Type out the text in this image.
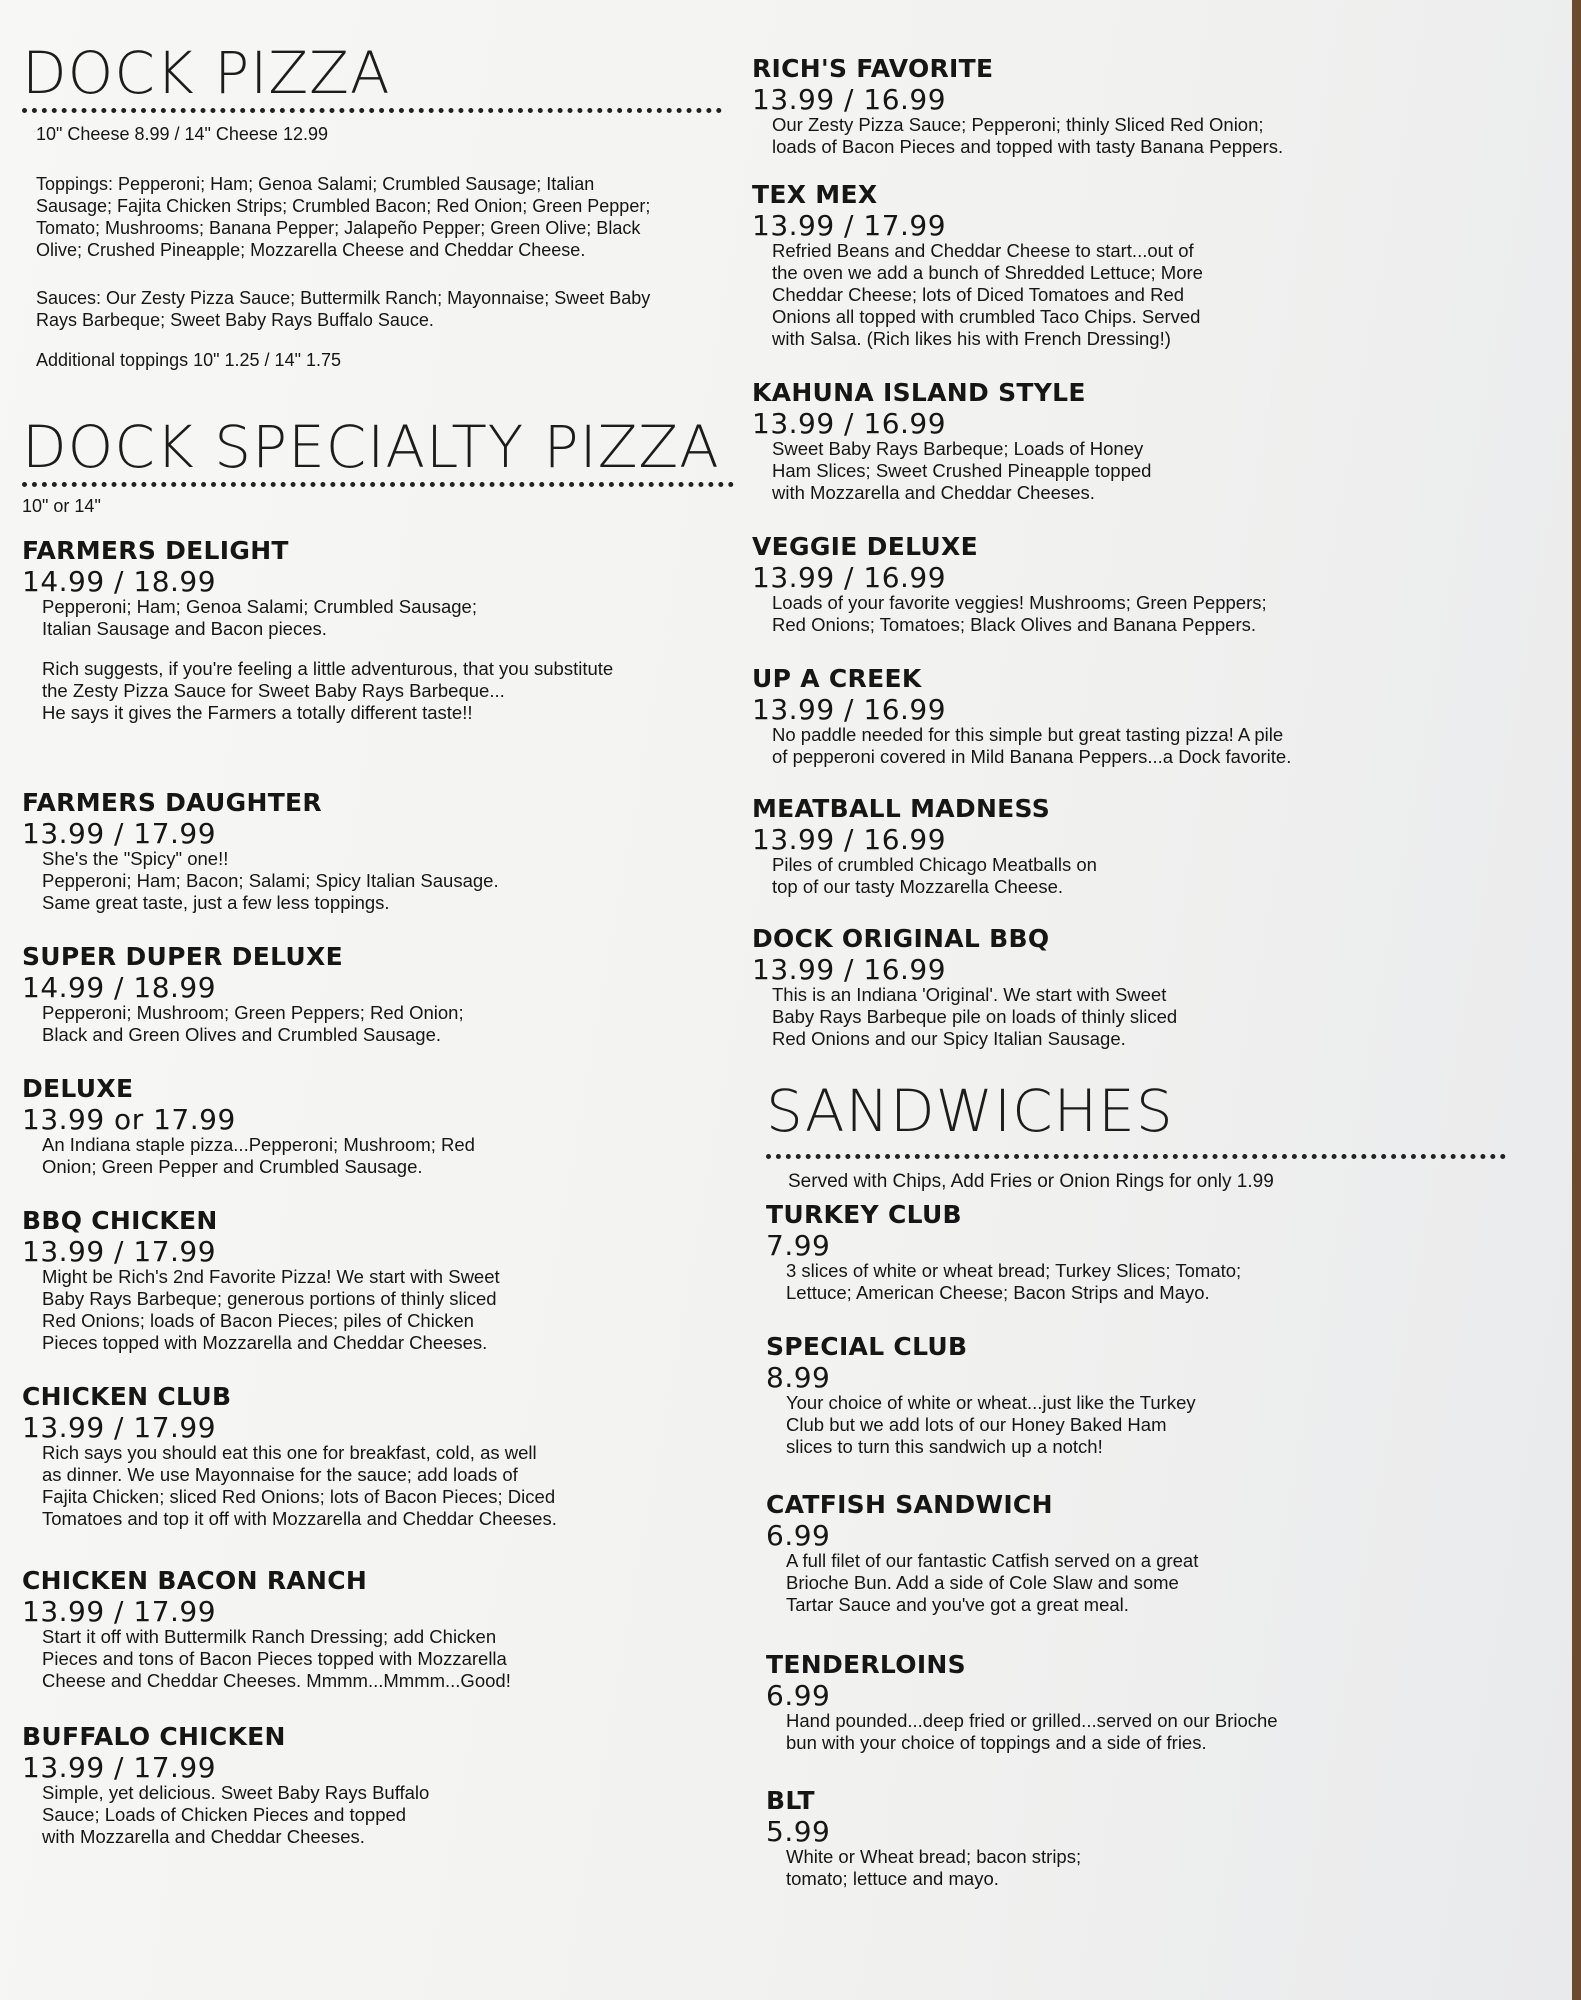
DOCK PIZZA

10" Cheese 8.99 / 14" Cheese 12.99

Toppings: Pepperoni; Ham; Genoa Salami; Crumbled Sausage; Italian Sausage; Fajita Chicken Strips; Crumbled Bacon; Red Onion; Green Pepper; Tomato; Mushrooms; Banana Pepper; Jalapeño Pepper; Green Olive; Black Olive; Crushed Pineapple; Mozzarella Cheese and Cheddar Cheese.

Sauces: Our Zesty Pizza Sauce; Buttermilk Ranch; Mayonnaise; Sweet Baby Rays Barbeque; Sweet Baby Rays Buffalo Sauce.

Additional toppings 10" 1.25 / 14" 1.75

DOCK SPECIALTY PIZZA

10" or 14"

FARMERS DELIGHT
14.99 / 18.99
Pepperoni; Ham; Genoa Salami; Crumbled Sausage;
Italian Sausage and Bacon pieces.
Rich suggests, if you're feeling a little adventurous, that you substitute
the Zesty Pizza Sauce for Sweet Baby Rays Barbeque...
He says it gives the Farmers a totally different taste!!
FARMERS DAUGHTER
13.99 / 17.99
She's the "Spicy" one!!
Pepperoni; Ham; Bacon; Salami; Spicy Italian Sausage.
Same great taste, just a few less toppings.
SUPER DUPER DELUXE
14.99 / 18.99
Pepperoni; Mushroom; Green Peppers; Red Onion;
Black and Green Olives and Crumbled Sausage.
DELUXE
13.99 or 17.99
An Indiana staple pizza...Pepperoni; Mushroom; Red
Onion; Green Pepper and Crumbled Sausage.
BBQ CHICKEN
13.99 / 17.99
Might be Rich's 2nd Favorite Pizza! We start with Sweet
Baby Rays Barbeque; generous portions of thinly sliced
Red Onions; loads of Bacon Pieces; piles of Chicken
Pieces topped with Mozzarella and Cheddar Cheeses.
CHICKEN CLUB
13.99 / 17.99
Rich says you should eat this one for breakfast, cold, as well
as dinner. We use Mayonnaise for the sauce; add loads of
Fajita Chicken; sliced Red Onions; lots of Bacon Pieces; Diced
Tomatoes and top it off with Mozzarella and Cheddar Cheeses.
CHICKEN BACON RANCH
13.99 / 17.99
Start it off with Buttermilk Ranch Dressing; add Chicken
Pieces and tons of Bacon Pieces topped with Mozzarella
Cheese and Cheddar Cheeses. Mmmm...Mmmm...Good!
BUFFALO CHICKEN
13.99 / 17.99
Simple, yet delicious. Sweet Baby Rays Buffalo
Sauce; Loads of Chicken Pieces and topped
with Mozzarella and Cheddar Cheeses.
RICH'S FAVORITE
13.99 / 16.99
Our Zesty Pizza Sauce; Pepperoni; thinly Sliced Red Onion;
loads of Bacon Pieces and topped with tasty Banana Peppers.
TEX MEX
13.99 / 17.99
Refried Beans and Cheddar Cheese to start...out of
the oven we add a bunch of Shredded Lettuce; More
Cheddar Cheese; lots of Diced Tomatoes and Red
Onions all topped with crumbled Taco Chips. Served
with Salsa. (Rich likes his with French Dressing!)
KAHUNA ISLAND STYLE
13.99 / 16.99
Sweet Baby Rays Barbeque; Loads of Honey
Ham Slices; Sweet Crushed Pineapple topped
with Mozzarella and Cheddar Cheeses.
VEGGIE DELUXE
13.99 / 16.99
Loads of your favorite veggies! Mushrooms; Green Peppers;
Red Onions; Tomatoes; Black Olives and Banana Peppers.
UP A CREEK
13.99 / 16.99
No paddle needed for this simple but great tasting pizza! A pile
of pepperoni covered in Mild Banana Peppers...a Dock favorite.
MEATBALL MADNESS
13.99 / 16.99
Piles of crumbled Chicago Meatballs on
top of our tasty Mozzarella Cheese.
DOCK ORIGINAL BBQ
13.99 / 16.99
This is an Indiana 'Original'. We start with Sweet
Baby Rays Barbeque pile on loads of thinly sliced
Red Onions and our Spicy Italian Sausage.
SANDWICHES

Served with Chips, Add Fries or Onion Rings for only 1.99

TURKEY CLUB
7.99
3 slices of white or wheat bread; Turkey Slices; Tomato;
Lettuce; American Cheese; Bacon Strips and Mayo.
SPECIAL CLUB
8.99
Your choice of white or wheat...just like the Turkey
Club but we add lots of our Honey Baked Ham
slices to turn this sandwich up a notch!
CATFISH SANDWICH
6.99
A full filet of our fantastic Catfish served on a great
Brioche Bun. Add a side of Cole Slaw and some
Tartar Sauce and you've got a great meal.
TENDERLOINS
6.99
Hand pounded...deep fried or grilled...served on our Brioche
bun with your choice of toppings and a side of fries.
BLT
5.99
White or Wheat bread; bacon strips;
tomato; lettuce and mayo.
